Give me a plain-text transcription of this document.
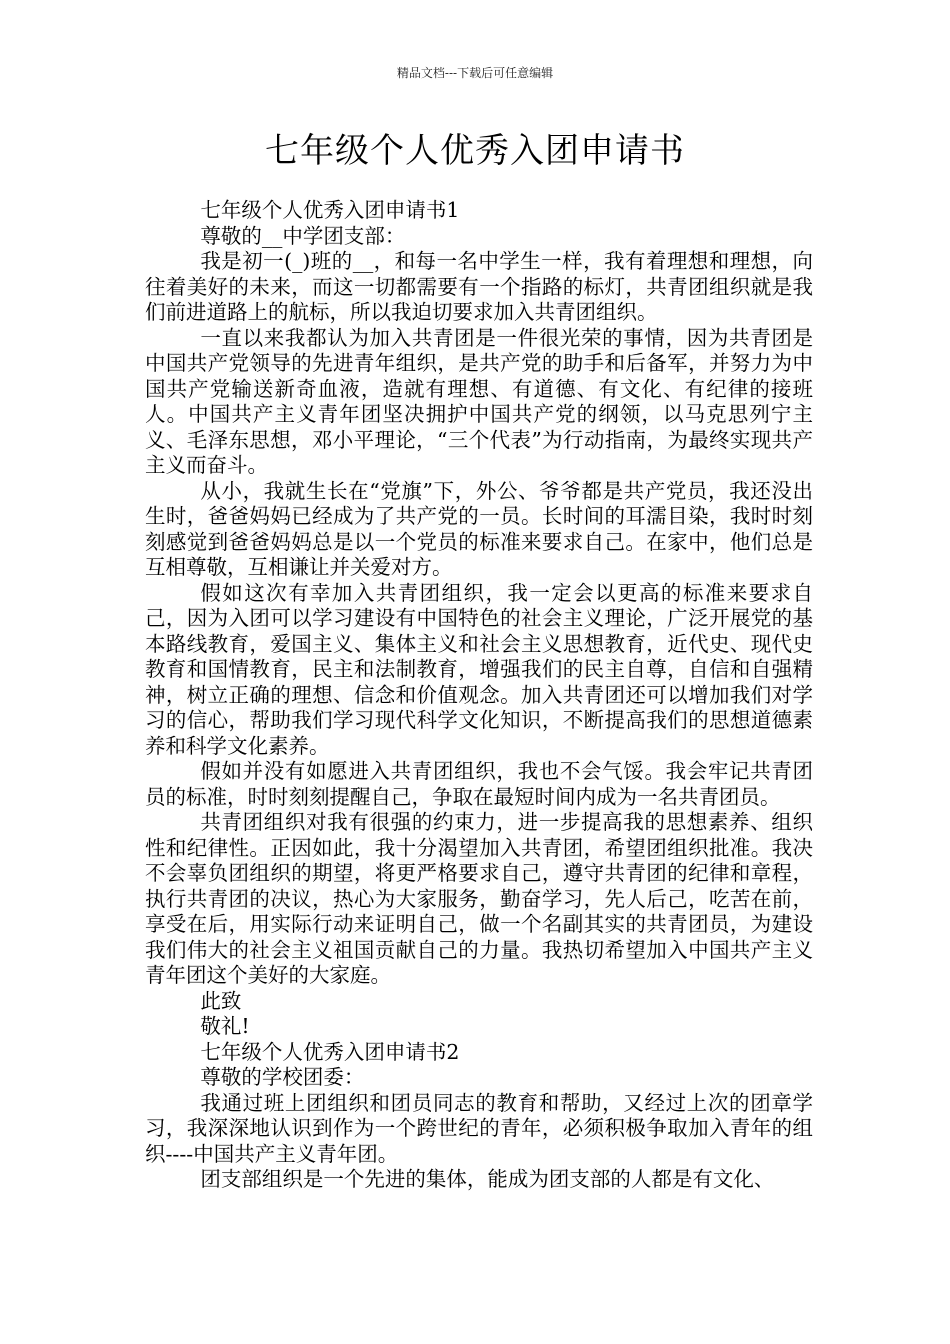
精品文档---下载后可任意编辑
七年级个人优秀入团申请书

七年级个人优秀入团申请书1

尊敬的__中学团支部：

我是初一(_)班的__，和每一名中学生一样，我有着理想和理想，向往着美好的未来，而这一切都需要有一个指路的标灯，共青团组织就是我们前进道路上的航标，所以我迫切要求加入共青团组织。

一直以来我都认为加入共青团是一件很光荣的事情，因为共青团是中国共产党领导的先进青年组织，是共产党的助手和后备军，并努力为中国共产党输送新奇血液，造就有理想、有道德、有文化、有纪律的接班人。中国共产主义青年团坚决拥护中国共产党的纲领，以马克思列宁主义、毛泽东思想，邓小平理论，“三个代表”为行动指南，为最终实现共产主义而奋斗。

从小，我就生长在“党旗”下，外公、爷爷都是共产党员，我还没出生时，爸爸妈妈已经成为了共产党的一员。长时间的耳濡目染，我时时刻刻感觉到爸爸妈妈总是以一个党员的标准来要求自己。在家中，他们总是互相尊敬，互相谦让并关爱对方。

假如这次有幸加入共青团组织，我一定会以更高的标准来要求自己，因为入团可以学习建设有中国特色的社会主义理论，广泛开展党的基本路线教育，爱国主义、集体主义和社会主义思想教育，近代史、现代史教育和国情教育，民主和法制教育，增强我们的民主自尊，自信和自强精神，树立正确的理想、信念和价值观念。加入共青团还可以增加我们对学习的信心，帮助我们学习现代科学文化知识，不断提高我们的思想道德素养和科学文化素养。

假如并没有如愿进入共青团组织，我也不会气馁。我会牢记共青团员的标准，时时刻刻提醒自己，争取在最短时间内成为一名共青团员。

共青团组织对我有很强的约束力，进一步提高我的思想素养、组织性和纪律性。正因如此，我十分渴望加入共青团，希望团组织批准。我决不会辜负团组织的期望，将更严格要求自己，遵守共青团的纪律和章程，执行共青团的决议，热心为大家服务，勤奋学习，先人后己，吃苦在前，享受在后，用实际行动来证明自己，做一个名副其实的共青团员，为建设我们伟大的社会主义祖国贡献自己的力量。我热切希望加入中国共产主义青年团这个美好的大家庭。

此致

敬礼!

七年级个人优秀入团申请书2

尊敬的学校团委：

我通过班上团组织和团员同志的教育和帮助，又经过上次的团章学习，我深深地认识到作为一个跨世纪的青年，必须积极争取加入青年的组织----中国共产主义青年团。

团支部组织是一个先进的集体，能成为团支部的人都是有文化、
